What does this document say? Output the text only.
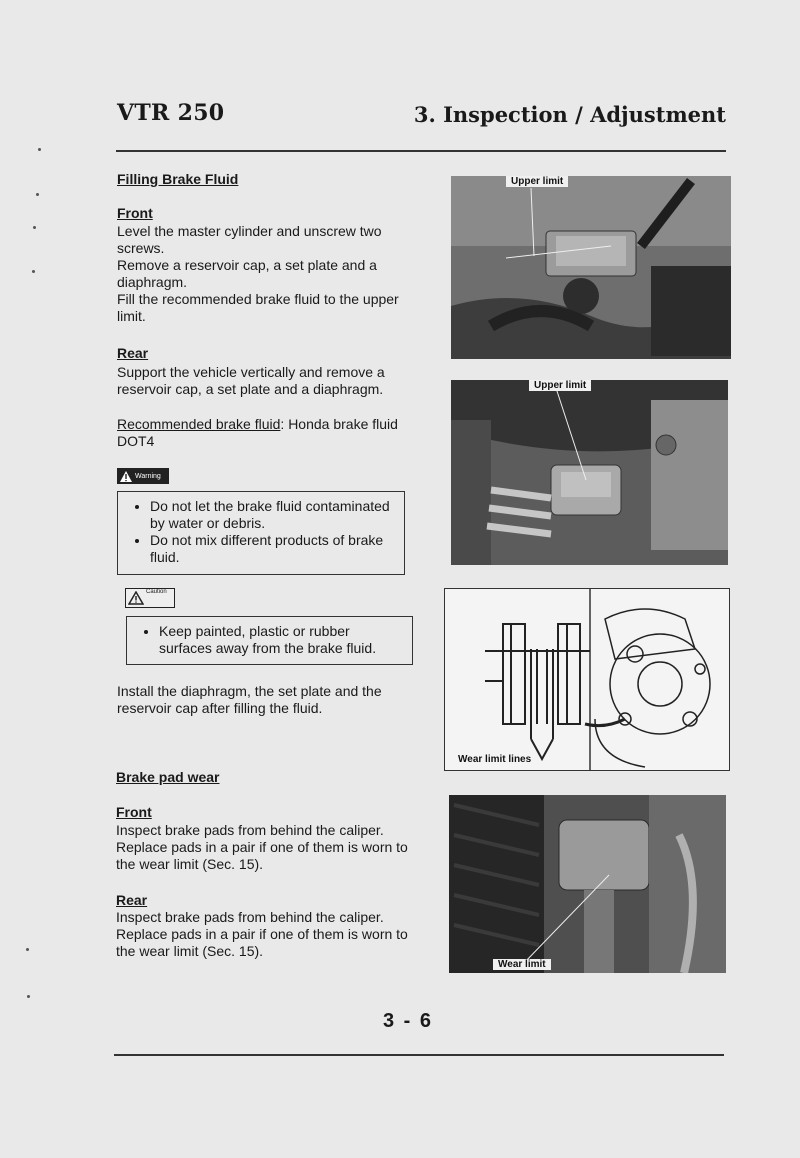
VTR 250	3. Inspection / Adjustment
Filling Brake Fluid
Front

Level the master cylinder and unscrew two

screws.

Remove a reservoir cap, a set plate and a

diaphragm.

Fill the recommended brake fluid to the upper

limit.

Rear

Support the vehicle vertically and remove a

reservoir cap, a set plate and a diaphragm.

Recommended brake fluid: Honda brake fluid
DOT4
Warning
• Do not let the brake fluid contaminated by water or debris.
• Do not mix different products of brake fluid.
Caution
• Keep painted, plastic or rubber surfaces away from the brake fluid.

Install the diaphragm, the set plate and the

reservoir cap after filling the fluid.

Brake pad wear
Front

Inspect brake pads from behind the caliper.

Replace pads in a pair if one of them is worn to

the wear limit (Sec. 15).

Rear

Inspect brake pads from behind the caliper.

Replace pads in a pair if one of them is worn to

the wear limit (Sec. 15).

Upper limit
Upper limit
Wear limit lines
Wear limit
3 - 6
